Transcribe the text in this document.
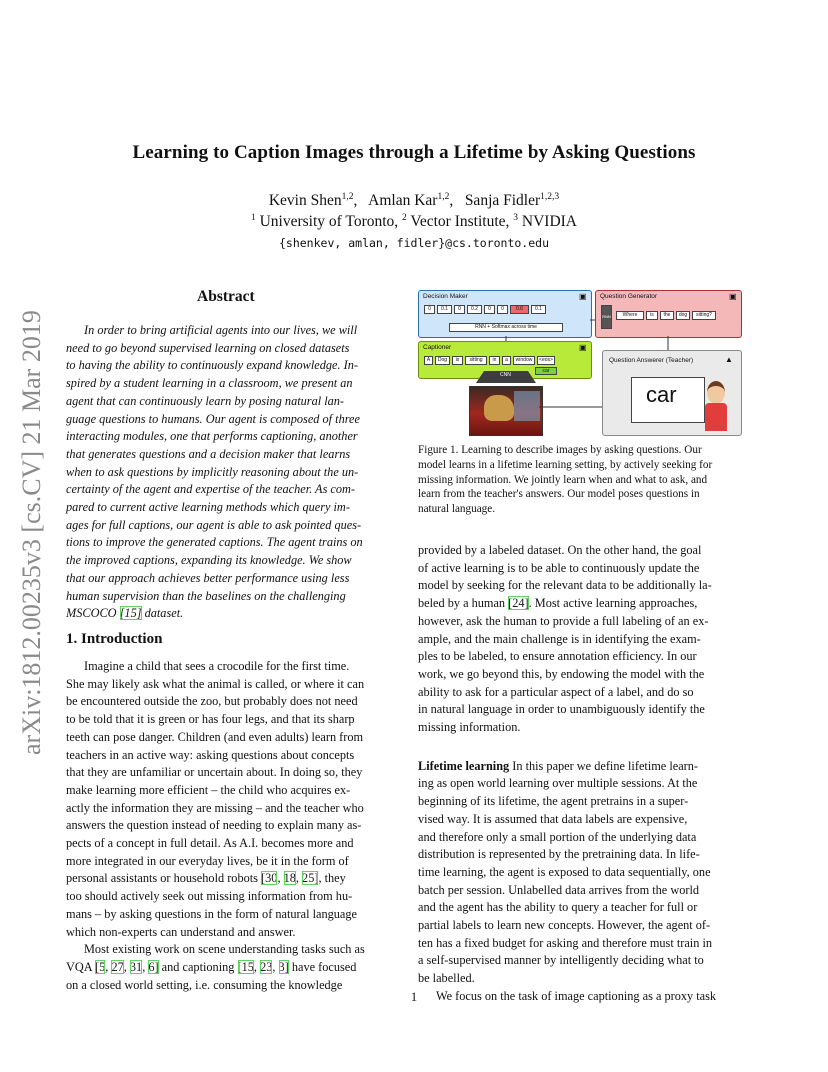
Learning to Caption Images through a Lifetime by Asking Questions
Kevin Shen$^{1,2}$,   Amlan Kar$^{1,2}$,   Sanja Fidler$^{1,2,3}$
$^1$ University of Toronto, $^2$ Vector Institute, $^3$ NVIDIA
{shenkev, amlan, fidler}@cs.toronto.edu
arXiv:1812.00235v3 [cs.CV] 21 Mar 2019
Abstract
In order to bring artificial agents into our lives, we will
need to go beyond supervised learning on closed datasets
to having the ability to continuously expand knowledge. In-
spired by a student learning in a classroom, we present an
agent that can continuously learn by posing natural lan-
guage questions to humans. Our agent is composed of three
interacting modules, one that performs captioning, another
that generates questions and a decision maker that learns
when to ask questions by implicitly reasoning about the un-
certainty of the agent and expertise of the teacher. As com-
pared to current active learning methods which query im-
ages for full captions, our agent is able to ask pointed ques-
tions to improve the generated captions. The agent trains on
the improved captions, expanding its knowledge. We show
that our approach achieves better performance using less
human supervision than the baselines on the challenging
MSCOCO [15] dataset.
1. Introduction
Imagine a child that sees a crocodile for the first time.
She may likely ask what the animal is called, or where it can
be encountered outside the zoo, but probably does not need
to be told that it is green or has four legs, and that its sharp
teeth can pose danger. Children (and even adults) learn from
teachers in an active way: asking questions about concepts
that they are unfamiliar or uncertain about. In doing so, they
make learning more efficient – the child who acquires ex-
actly the information they are missing – and the teacher who
answers the question instead of needing to explain many as-
pects of a concept in full detail. As A.I. becomes more and
more integrated in our everyday lives, be it in the form of
personal assistants or household robots [30, 18, 25], they
too should actively seek out missing information from hu-
mans – by asking questions in the form of natural language
which non-experts can understand and answer.
Most existing work on scene understanding tasks such as
VQA [5, 27, 31, 6] and captioning [15, 23, 3] have focused
on a closed world setting, i.e. consuming the knowledge
Decision Maker	▣
0	0.1	0	0.2	0	0	0.6	0.1
RNN + Softmax across time
Question Generator	▣
RNN	Where	is	the	dog	sitting?
Captioner	▣
A	Dog	is	sitting	in	a	window	<eos>
car
CNN
Question Answerer (Teacher)	▲
car
Figure 1. Learning to describe images by asking questions. Our
model learns in a lifetime learning setting, by actively seeking for
missing information. We jointly learn when and what to ask, and
learn from the teacher's answers. Our model poses questions in
natural language.
provided by a labeled dataset. On the other hand, the goal
of active learning is to be able to continuously update the
model by seeking for the relevant data to be additionally la-
beled by a human [24]. Most active learning approaches,
however, ask the human to provide a full labeling of an ex-
ample, and the main challenge is in identifying the exam-
ples to be labeled, to ensure annotation efficiency. In our
work, we go beyond this, by endowing the model with the
ability to ask for a particular aspect of a label, and do so
in natural language in order to unambiguously identify the
missing information.
Lifetime learning In this paper we define lifetime learn-
ing as open world learning over multiple sessions. At the
beginning of its lifetime, the agent pretrains in a super-
vised way. It is assumed that data labels are expensive,
and therefore only a small portion of the underlying data
distribution is represented by the pretraining data. In life-
time learning, the agent is exposed to data sequentially, one
batch per session. Unlabelled data arrives from the world
and the agent has the ability to query a teacher for full or
partial labels to learn new concepts. However, the agent of-
ten has a fixed budget for asking and therefore must train in
a self-supervised manner by intelligently deciding what to
be labelled.
We focus on the task of image captioning as a proxy task
1
